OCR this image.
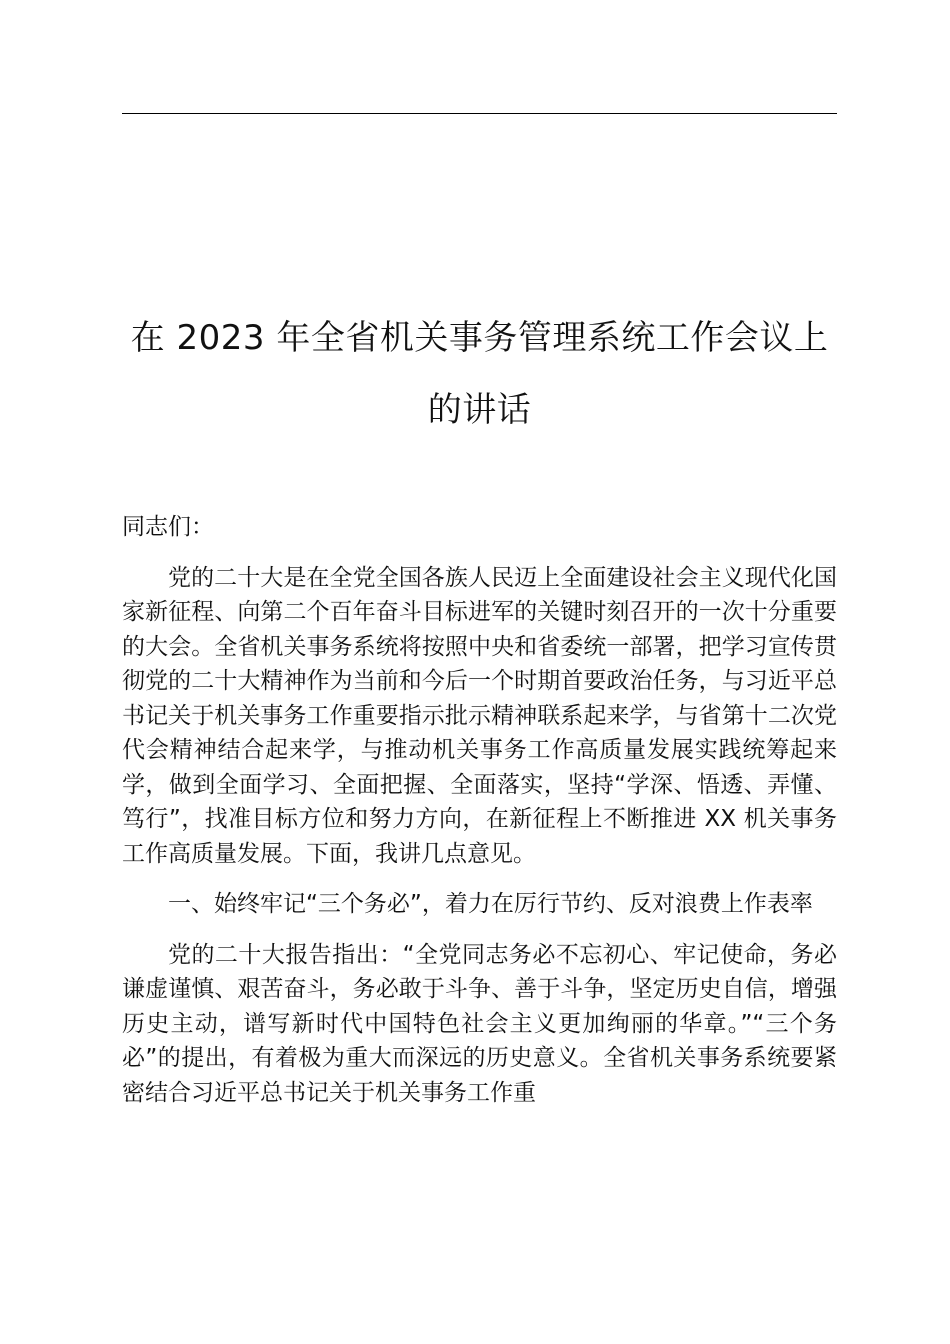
在 2023 年全省机关事务管理系统工作会议上
的讲话

同志们：

党的二十大是在全党全国各族人民迈上全面建设社会主义现代化国家新征程、向第二个百年奋斗目标进军的关键时刻召开的一次十分重要的大会。全省机关事务系统将按照中央和省委统一部署，把学习宣传贯彻党的二十大精神作为当前和今后一个时期首要政治任务，与习近平总书记关于机关事务工作重要指示批示精神联系起来学，与省第十二次党代会精神结合起来学，与推动机关事务工作高质量发展实践统筹起来学，做到全面学习、全面把握、全面落实，坚持“学深、悟透、弄懂、笃行”，找准目标方位和努力方向，在新征程上不断推进 XX 机关事务工作高质量发展。下面，我讲几点意见。

一、始终牢记“三个务必”，着力在厉行节约、反对浪费上作表率

党的二十大报告指出：“全党同志务必不忘初心、牢记使命，务必谦虚谨慎、艰苦奋斗，务必敢于斗争、善于斗争，坚定历史自信，增强历史主动，谱写新时代中国特色社会主义更加绚丽的华章。”“三个务必”的提出，有着极为重大而深远的历史意义。全省机关事务系统要紧密结合习近平总书记关于机关事务工作重
